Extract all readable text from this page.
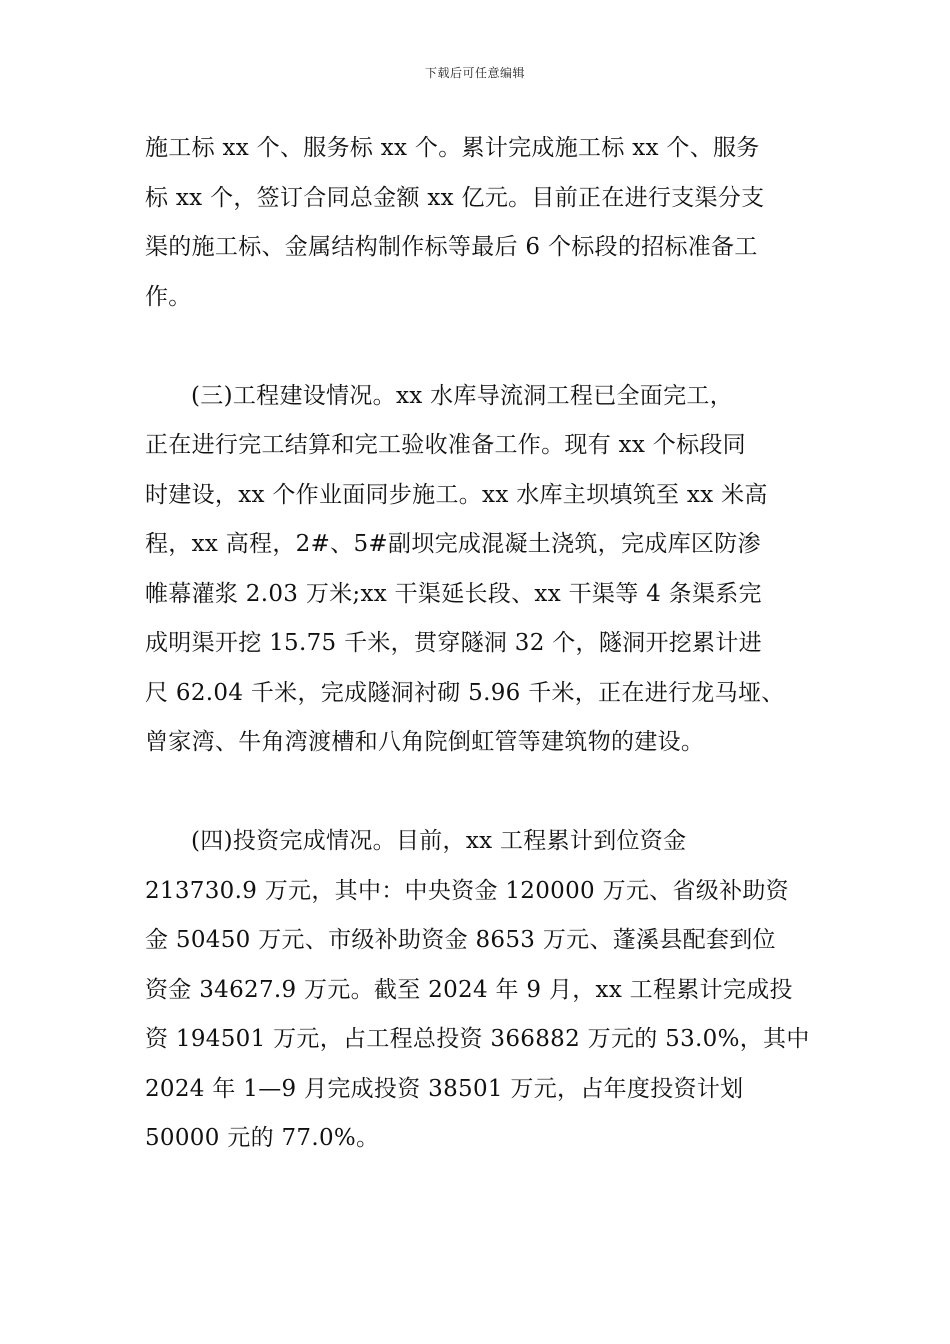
下载后可任意编辑
施工标 xx 个、服务标 xx 个。累计完成施工标 xx 个、服务
标 xx 个，签订合同总金额 xx 亿元。目前正在进行支渠分支
渠的施工标、金属结构制作标等最后 6 个标段的招标准备工
作。
(三)工程建设情况。xx 水库导流洞工程已全面完工，
正在进行完工结算和完工验收准备工作。现有 xx 个标段同
时建设，xx 个作业面同步施工。xx 水库主坝填筑至 xx 米高
程，xx 高程，2#、5#副坝完成混凝土浇筑，完成库区防渗
帷幕灌浆 2.03 万米;xx 干渠延长段、xx 干渠等 4 条渠系完
成明渠开挖 15.75 千米，贯穿隧洞 32 个，隧洞开挖累计进
尺 62.04 千米，完成隧洞衬砌 5.96 千米，正在进行龙马垭、
曾家湾、牛角湾渡槽和八角院倒虹管等建筑物的建设。
(四)投资完成情况。目前，xx 工程累计到位资金
213730.9 万元，其中：中央资金 120000 万元、省级补助资
金 50450 万元、市级补助资金 8653 万元、蓬溪县配套到位
资金 34627.9 万元。截至 2024 年 9 月，xx 工程累计完成投
资 194501 万元，占工程总投资 366882 万元的 53.0%，其中
2024 年 1—9 月完成投资 38501 万元，占年度投资计划
50000 元的 77.0%。
